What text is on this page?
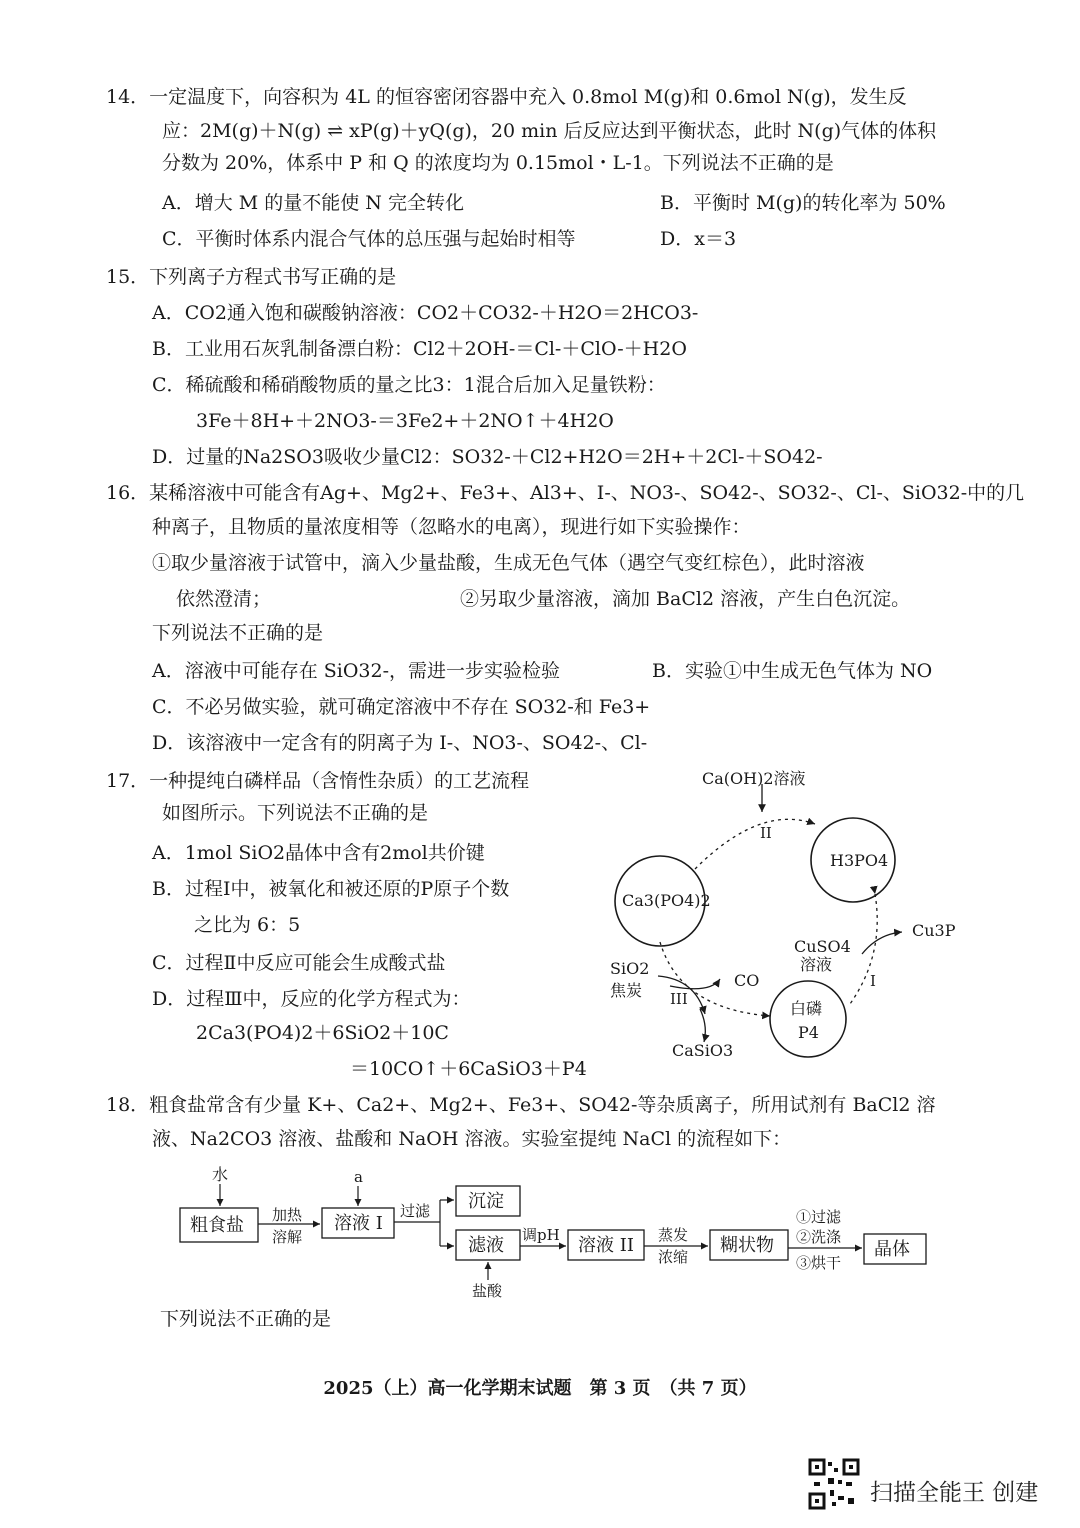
14．一定温度下，向容积为 4L 的恒容密闭容器中充入 0.8mol M(g)和 0.6mol N(g)，发生反
应：2M(g)＋N(g) ⇌ xP(g)＋yQ(g)，20 min 后反应达到平衡状态，此时 N(g)气体的体积
分数为 20%，体系中 P 和 Q 的浓度均为 0.15mol・L-1。下列说法不正确的是
A．增大 M 的量不能使 N 完全转化	B．平衡时 M(g)的转化率为 50%
C．平衡时体系内混合气体的总压强与起始时相等	D．x＝3
15．下列离子方程式书写正确的是
A．CO2通入饱和碳酸钠溶液：CO2＋CO32-＋H2O＝2HCO3-
B．工业用石灰乳制备漂白粉：Cl2＋2OH-＝Cl-＋ClO-＋H2O
C．稀硫酸和稀硝酸物质的量之比3：1混合后加入足量铁粉：
3Fe＋8H+＋2NO3-＝3Fe2+＋2NO↑＋4H2O
D．过量的Na2SO3吸收少量Cl2：SO32-＋Cl2+H2O＝2H+＋2Cl-＋SO42-
16．某稀溶液中可能含有Ag+、Mg2+、Fe3+、Al3+、I-、NO3-、SO42-、SO32-、Cl-、SiO32-中的几
种离子，且物质的量浓度相等（忽略水的电离），现进行如下实验操作：
①取少量溶液于试管中，滴入少量盐酸，生成无色气体（遇空气变红棕色），此时溶液
依然澄清；	②另取少量溶液，滴加 BaCl2 溶液，产生白色沉淀。
下列说法不正确的是
A．溶液中可能存在 SiO32-，需进一步实验检验	B．实验①中生成无色气体为 NO
C．不必另做实验，就可确定溶液中不存在 SO32-和 Fe3+
D．该溶液中一定含有的阴离子为 I-、NO3-、SO42-、Cl-
17．一种提纯白磷样品（含惰性杂质）的工艺流程
如图所示。下列说法不正确的是
A．1mol SiO2晶体中含有2mol共价键
B．过程Ⅰ中，被氧化和被还原的P原子个数
之比为 6：5
C．过程Ⅱ中反应可能会生成酸式盐
D．过程Ⅲ中，反应的化学方程式为：
2Ca3(PO4)2＋6SiO2＋10C
＝10CO↑＋6CaSiO3＋P4
Ca(OH)2溶液
II
H3PO4
Ca3(PO4)2
CuSO4
溶液
Cu3P
SiO2
焦炭
CO
III
I
白磷
P4
CaSiO3
18．粗食盐常含有少量 K+、Ca2+、Mg2+、Fe3+、SO42-等杂质离子，所用试剂有 BaCl2 溶
液、Na2CO3 溶液、盐酸和 NaOH 溶液。实验室提纯 NaCl 的流程如下：
水
粗食盐 加热
溶解
a
溶液 I
过滤 沉淀
滤液
盐酸
调pH 溶液 II 蒸发
浓缩
糊状物
①过滤
②洗涤
③烘干
晶体
下列说法不正确的是
2025（上）高一化学期末试题　第 3 页　（共 7 页）
扫描全能王 创建
